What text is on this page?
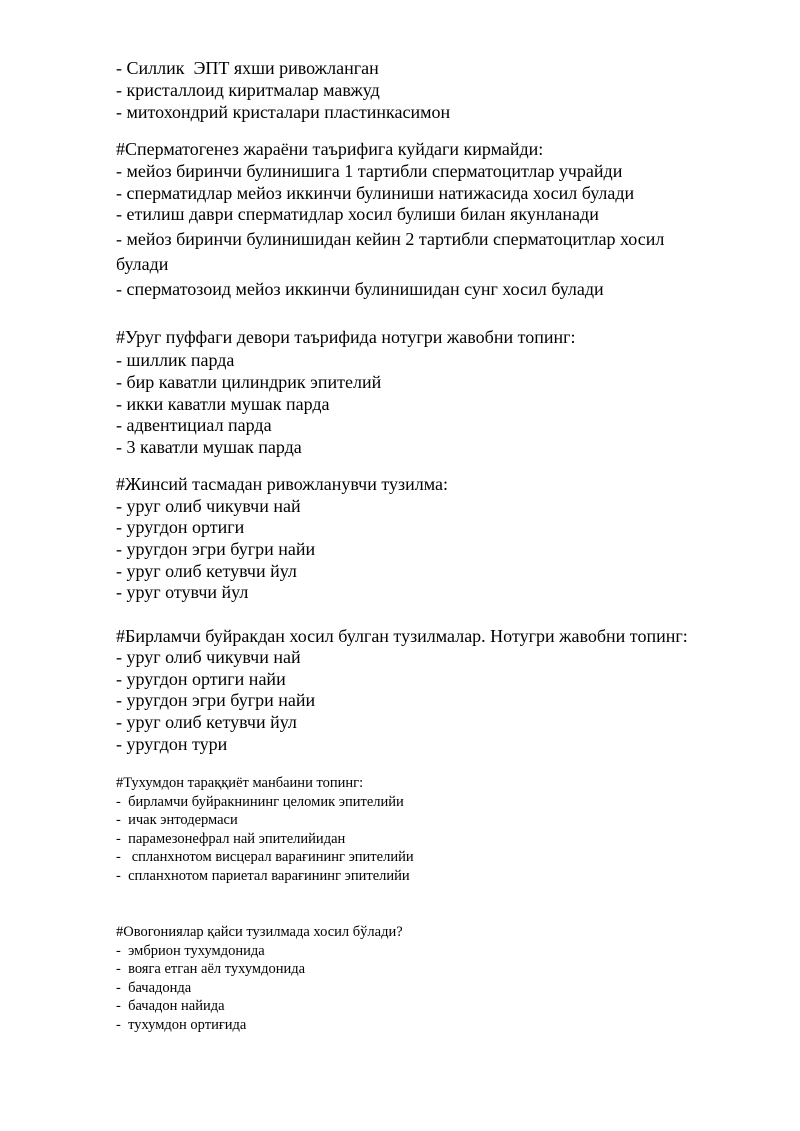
- Силлик  ЭПТ яхши ривожланган
- кристаллоид киритмалар мавжуд
- митохондрий кристалари пластинкасимон
#Сперматогенез жараёни таърифига куйдаги кирмайди:
- мейоз биринчи булинишига 1 тартибли сперматоцитлар учрайди
- сперматидлар мейоз иккинчи булиниши натижасида хосил булади
- етилиш даври сперматидлар хосил булиши билан якунланади
- мейоз биринчи булинишидан кейин 2 тартибли сперматоцитлар хосил
булади
- сперматозоид мейоз иккинчи булинишидан сунг хосил булади
#Уруг пуффаги девори таърифида нотугри жавобни топинг:
- шиллик парда
- бир каватли цилиндрик эпителий
- икки каватли мушак парда
- адвентициал парда
- 3 каватли мушак парда
#Жинсий тасмадан ривожланувчи тузилма:
- уруг олиб чикувчи най
- уругдон ортиги
- уругдон эгри бугри найи
- уруг олиб кетувчи йул
- уруг отувчи йул
#Бирламчи буйракдан хосил булган тузилмалар. Нотугри жавобни топинг:
- уруг олиб чикувчи най
- уругдон ортиги найи
- уругдон эгри бугри найи
- уруг олиб кетувчи йул
- уругдон тури
#Тухумдон тараққиёт манбаини топинг:
-  бирламчи буйракнининг целомик эпителийи
-  ичак энтодермаси
-  парамезонефрал най эпителийидан
-   спланхнотом висцерал варағининг эпителийи
-  спланхнотом париетал варағининг эпителийи
#Овогониялар қайси тузилмада хосил бўлади?
-  эмбрион тухумдонида
-  вояга етган аёл тухумдонида
-  бачадонда
-  бачадон найида
-  тухумдон ортиғида
